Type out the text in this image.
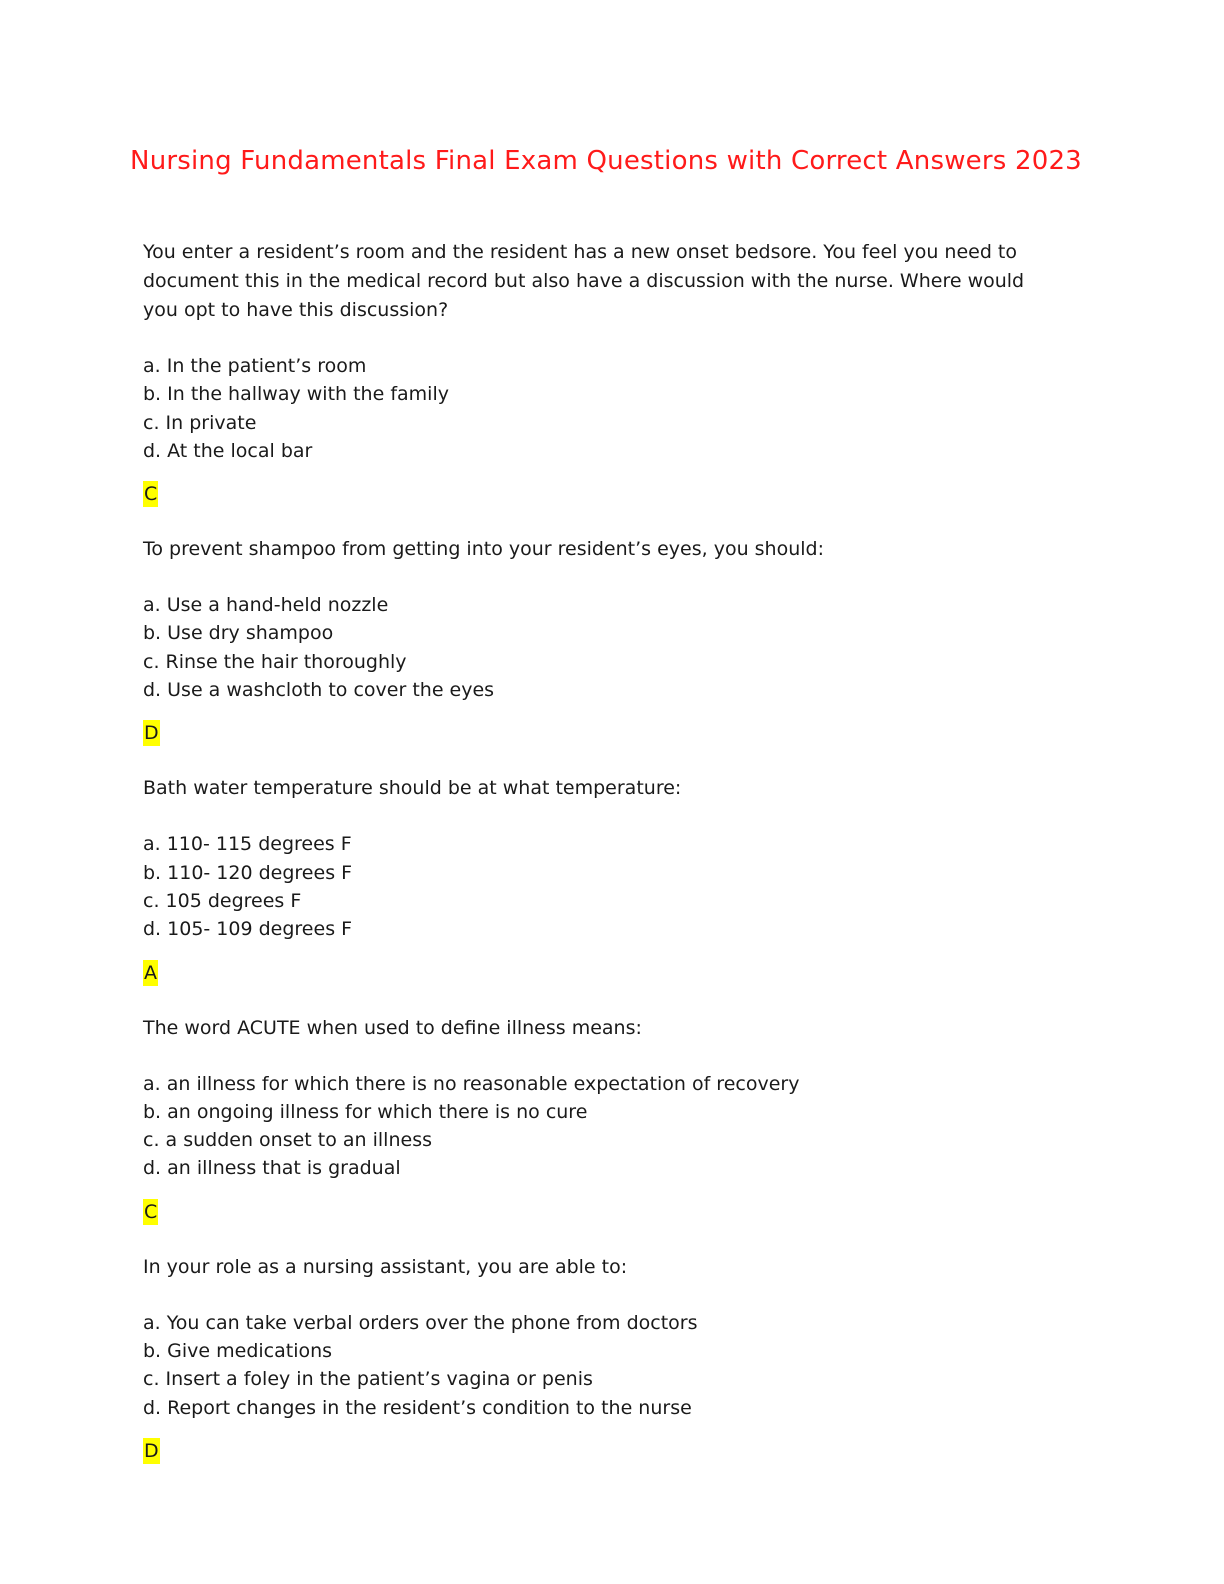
Nursing Fundamentals Final Exam Questions with Correct Answers 2023

You enter a resident’s room and the resident has a new onset bedsore. You feel you need to document this in the medical record but also have a discussion with the nurse. Where would you opt to have this discussion?

a. In the patient’s room
b. In the hallway with the family
c. In private
d. At the local bar
C

To prevent shampoo from getting into your resident’s eyes, you should:

a. Use a hand-held nozzle
b. Use dry shampoo
c. Rinse the hair thoroughly
d. Use a washcloth to cover the eyes
D

Bath water temperature should be at what temperature:

a. 110- 115 degrees F
b. 110- 120 degrees F
c. 105 degrees F
d. 105- 109 degrees F
A

The word ACUTE when used to define illness means:

a. an illness for which there is no reasonable expectation of recovery
b. an ongoing illness for which there is no cure
c. a sudden onset to an illness
d. an illness that is gradual
C

In your role as a nursing assistant, you are able to:

a. You can take verbal orders over the phone from doctors
b. Give medications
c. Insert a foley in the patient’s vagina or penis
d. Report changes in the resident’s condition to the nurse
D
